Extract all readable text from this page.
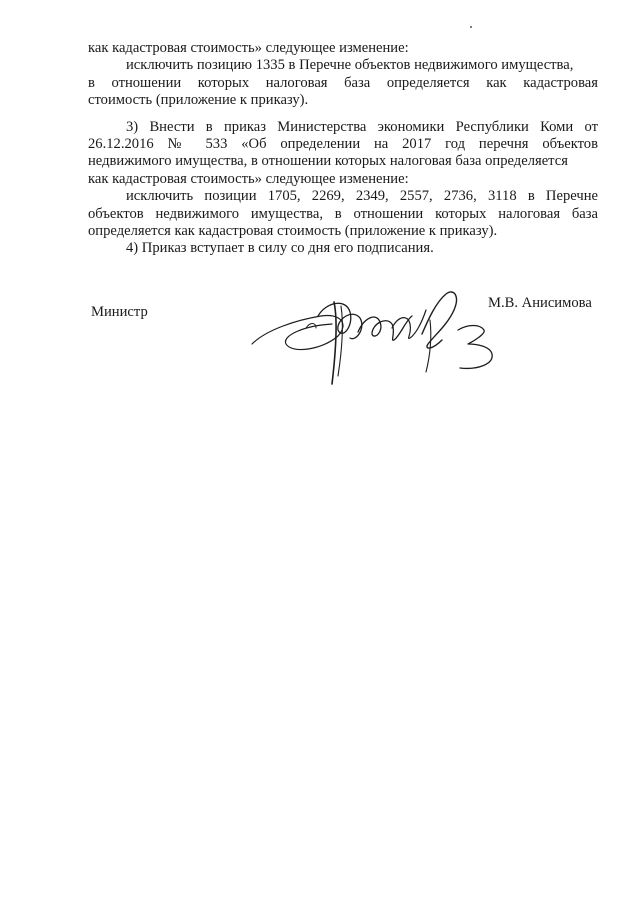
как кадастровая стоимость» следующее изменение:
исключить позицию 1335 в Перечне объектов недвижимого имущества,
в отношении которых налоговая база определяется как кадастровая
стоимость (приложение к приказу).
3) Внести в приказ Министерства экономики Республики Коми от
26.12.2016 № 533 «Об определении на 2017 год перечня объектов
недвижимого имущества, в отношении которых налоговая база определяется
как кадастровая стоимость» следующее изменение:
исключить позиции 1705, 2269, 2349, 2557, 2736, 3118 в Перечне
объектов недвижимого имущества, в отношении которых налоговая база
определяется как кадастровая стоимость (приложение к приказу).
4) Приказ вступает в силу со дня его подписания.
Министр
М.В. Анисимова
